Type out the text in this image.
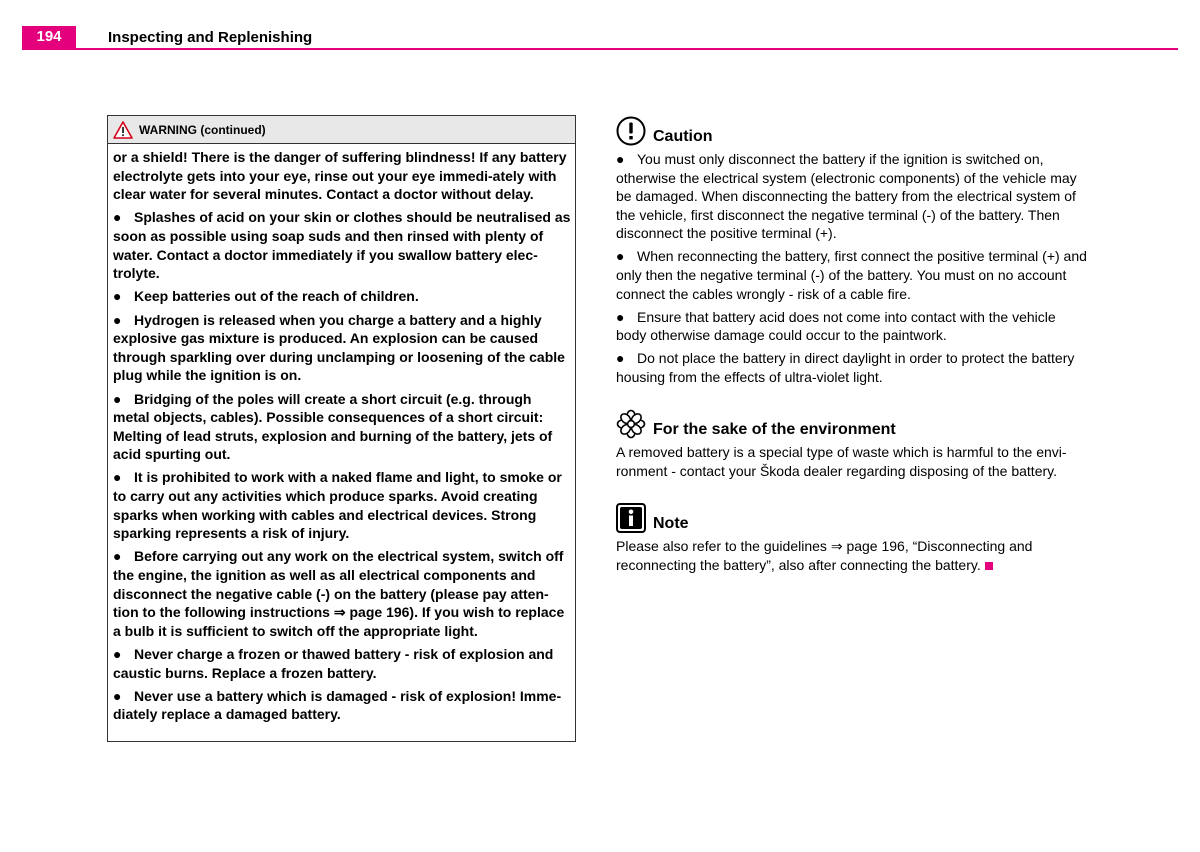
194	Inspecting and Replenishing
WARNING (continued)

or a shield! There is the danger of suffering blindness! If any battery electrolyte gets into your eye, rinse out your eye immedi-ately with clear water for several minutes. Contact a doctor without delay.

● Splashes of acid on your skin or clothes should be neutralised as soon as possible using soap suds and then rinsed with plenty of water. Contact a doctor immediately if you swallow battery elec-trolyte.

● Keep batteries out of the reach of children.

● Hydrogen is released when you charge a battery and a highly explosive gas mixture is produced. An explosion can be caused through sparkling over during unclamping or loosening of the cable plug while the ignition is on.

● Bridging of the poles will create a short circuit (e.g. through metal objects, cables). Possible consequences of a short circuit: Melting of lead struts, explosion and burning of the battery, jets of acid spurting out.

● It is prohibited to work with a naked flame and light, to smoke or to carry out any activities which produce sparks. Avoid creating sparks when working with cables and electrical devices. Strong sparking represents a risk of injury.

● Before carrying out any work on the electrical system, switch off the engine, the ignition as well as all electrical components and disconnect the negative cable (-) on the battery (please pay atten-tion to the following instructions ⇒ page 196). If you wish to replace a bulb it is sufficient to switch off the appropriate light.

● Never charge a frozen or thawed battery - risk of explosion and caustic burns. Replace a frozen battery.

● Never use a battery which is damaged - risk of explosion! Imme-diately replace a damaged battery.

Caution

● You must only disconnect the battery if the ignition is switched on, otherwise the electrical system (electronic components) of the vehicle may be damaged. When disconnecting the battery from the electrical system of the vehicle, first disconnect the negative terminal (-) of the battery. Then disconnect the positive terminal (+).

● When reconnecting the battery, first connect the positive terminal (+) and only then the negative terminal (-) of the battery. You must on no account connect the cables wrongly - risk of a cable fire.

● Ensure that battery acid does not come into contact with the vehicle body otherwise damage could occur to the paintwork.

● Do not place the battery in direct daylight in order to protect the battery housing from the effects of ultra-violet light.

For the sake of the environment

A removed battery is a special type of waste which is harmful to the envi-ronment - contact your Škoda dealer regarding disposing of the battery.

Note

Please also refer to the guidelines ⇒ page 196, “Disconnecting and reconnecting the battery”, also after connecting the battery.
